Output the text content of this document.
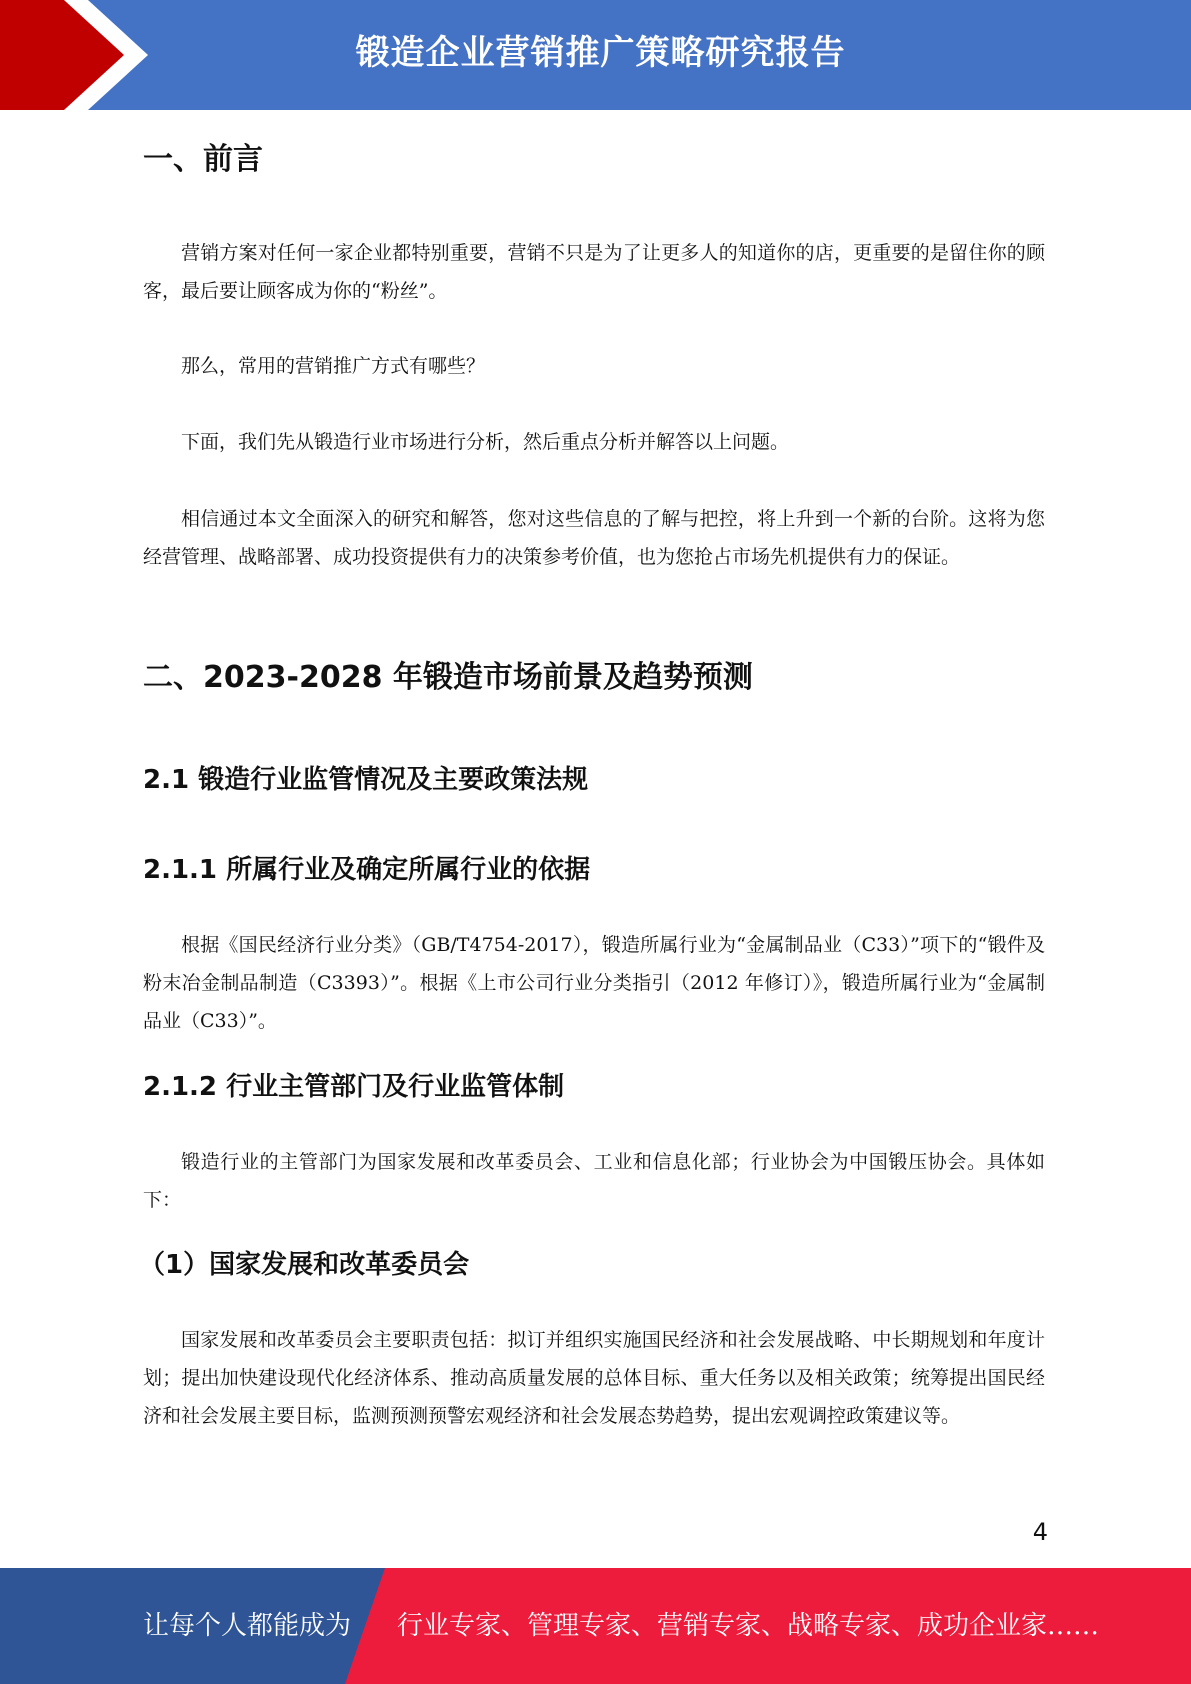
锻造企业营销推广策略研究报告
一、前言

营销方案对任何一家企业都特别重要，营销不只是为了让更多人的知道你的店，更重要的是留住你的顾客，最后要让顾客成为你的“粉丝”。

那么，常用的营销推广方式有哪些？

下面，我们先从锻造行业市场进行分析，然后重点分析并解答以上问题。

相信通过本文全面深入的研究和解答，您对这些信息的了解与把控，将上升到一个新的台阶。这将为您经营管理、战略部署、成功投资提供有力的决策参考价值，也为您抢占市场先机提供有力的保证。

二、2023-2028 年锻造市场前景及趋势预测
2.1 锻造行业监管情况及主要政策法规
2.1.1 所属行业及确定所属行业的依据

根据《国民经济行业分类》（GB/T4754-2017），锻造所属行业为“金属制品业（C33）”项下的“锻件及粉末冶金制品制造（C3393）”。根据《上市公司行业分类指引（2012 年修订）》，锻造所属行业为“金属制品业（C33）”。

2.1.2 行业主管部门及行业监管体制

锻造行业的主管部门为国家发展和改革委员会、工业和信息化部；行业协会为中国锻压协会。具体如下：

（1）国家发展和改革委员会

国家发展和改革委员会主要职责包括：拟订并组织实施国民经济和社会发展战略、中长期规划和年度计划；提出加快建设现代化经济体系、推动高质量发展的总体目标、重大任务以及相关政策；统筹提出国民经济和社会发展主要目标，监测预测预警宏观经济和社会发展态势趋势，提出宏观调控政策建议等。

4
让每个人都能成为 行业专家、管理专家、营销专家、战略专家、成功企业家……
